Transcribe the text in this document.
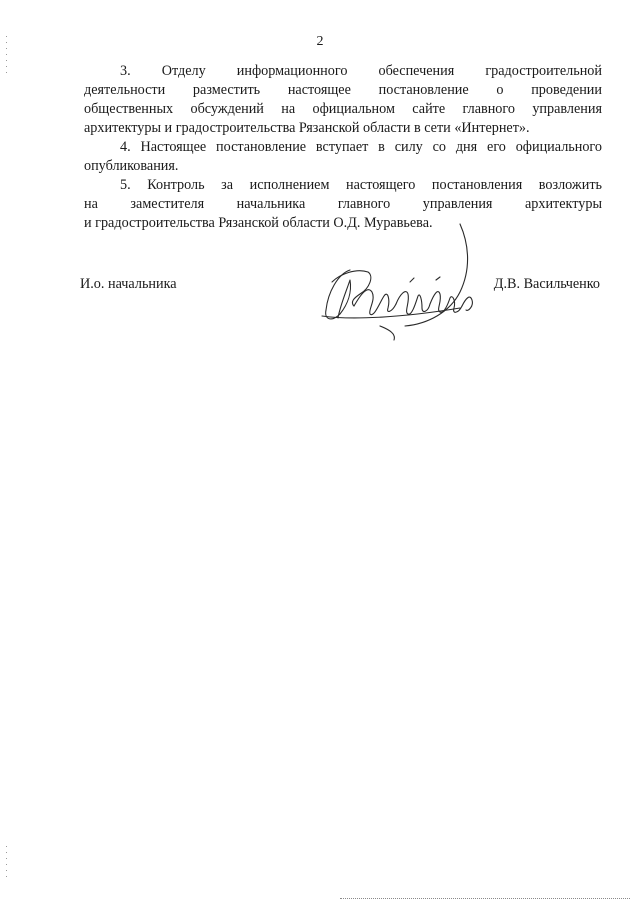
2
3. Отделу информационного обеспечения градостроительной
деятельности разместить настоящее постановление о проведении
общественных обсуждений на официальном сайте главного управления
архитектуры и градостроительства Рязанской области в сети «Интернет».
4. Настоящее постановление вступает в силу со дня его официального
опубликования.
5. Контроль за исполнением настоящего постановления возложить
на заместителя начальника главного управления архитектуры
и градостроительства Рязанской области О.Д. Муравьева.
И.о. начальника	Д.В. Васильченко
